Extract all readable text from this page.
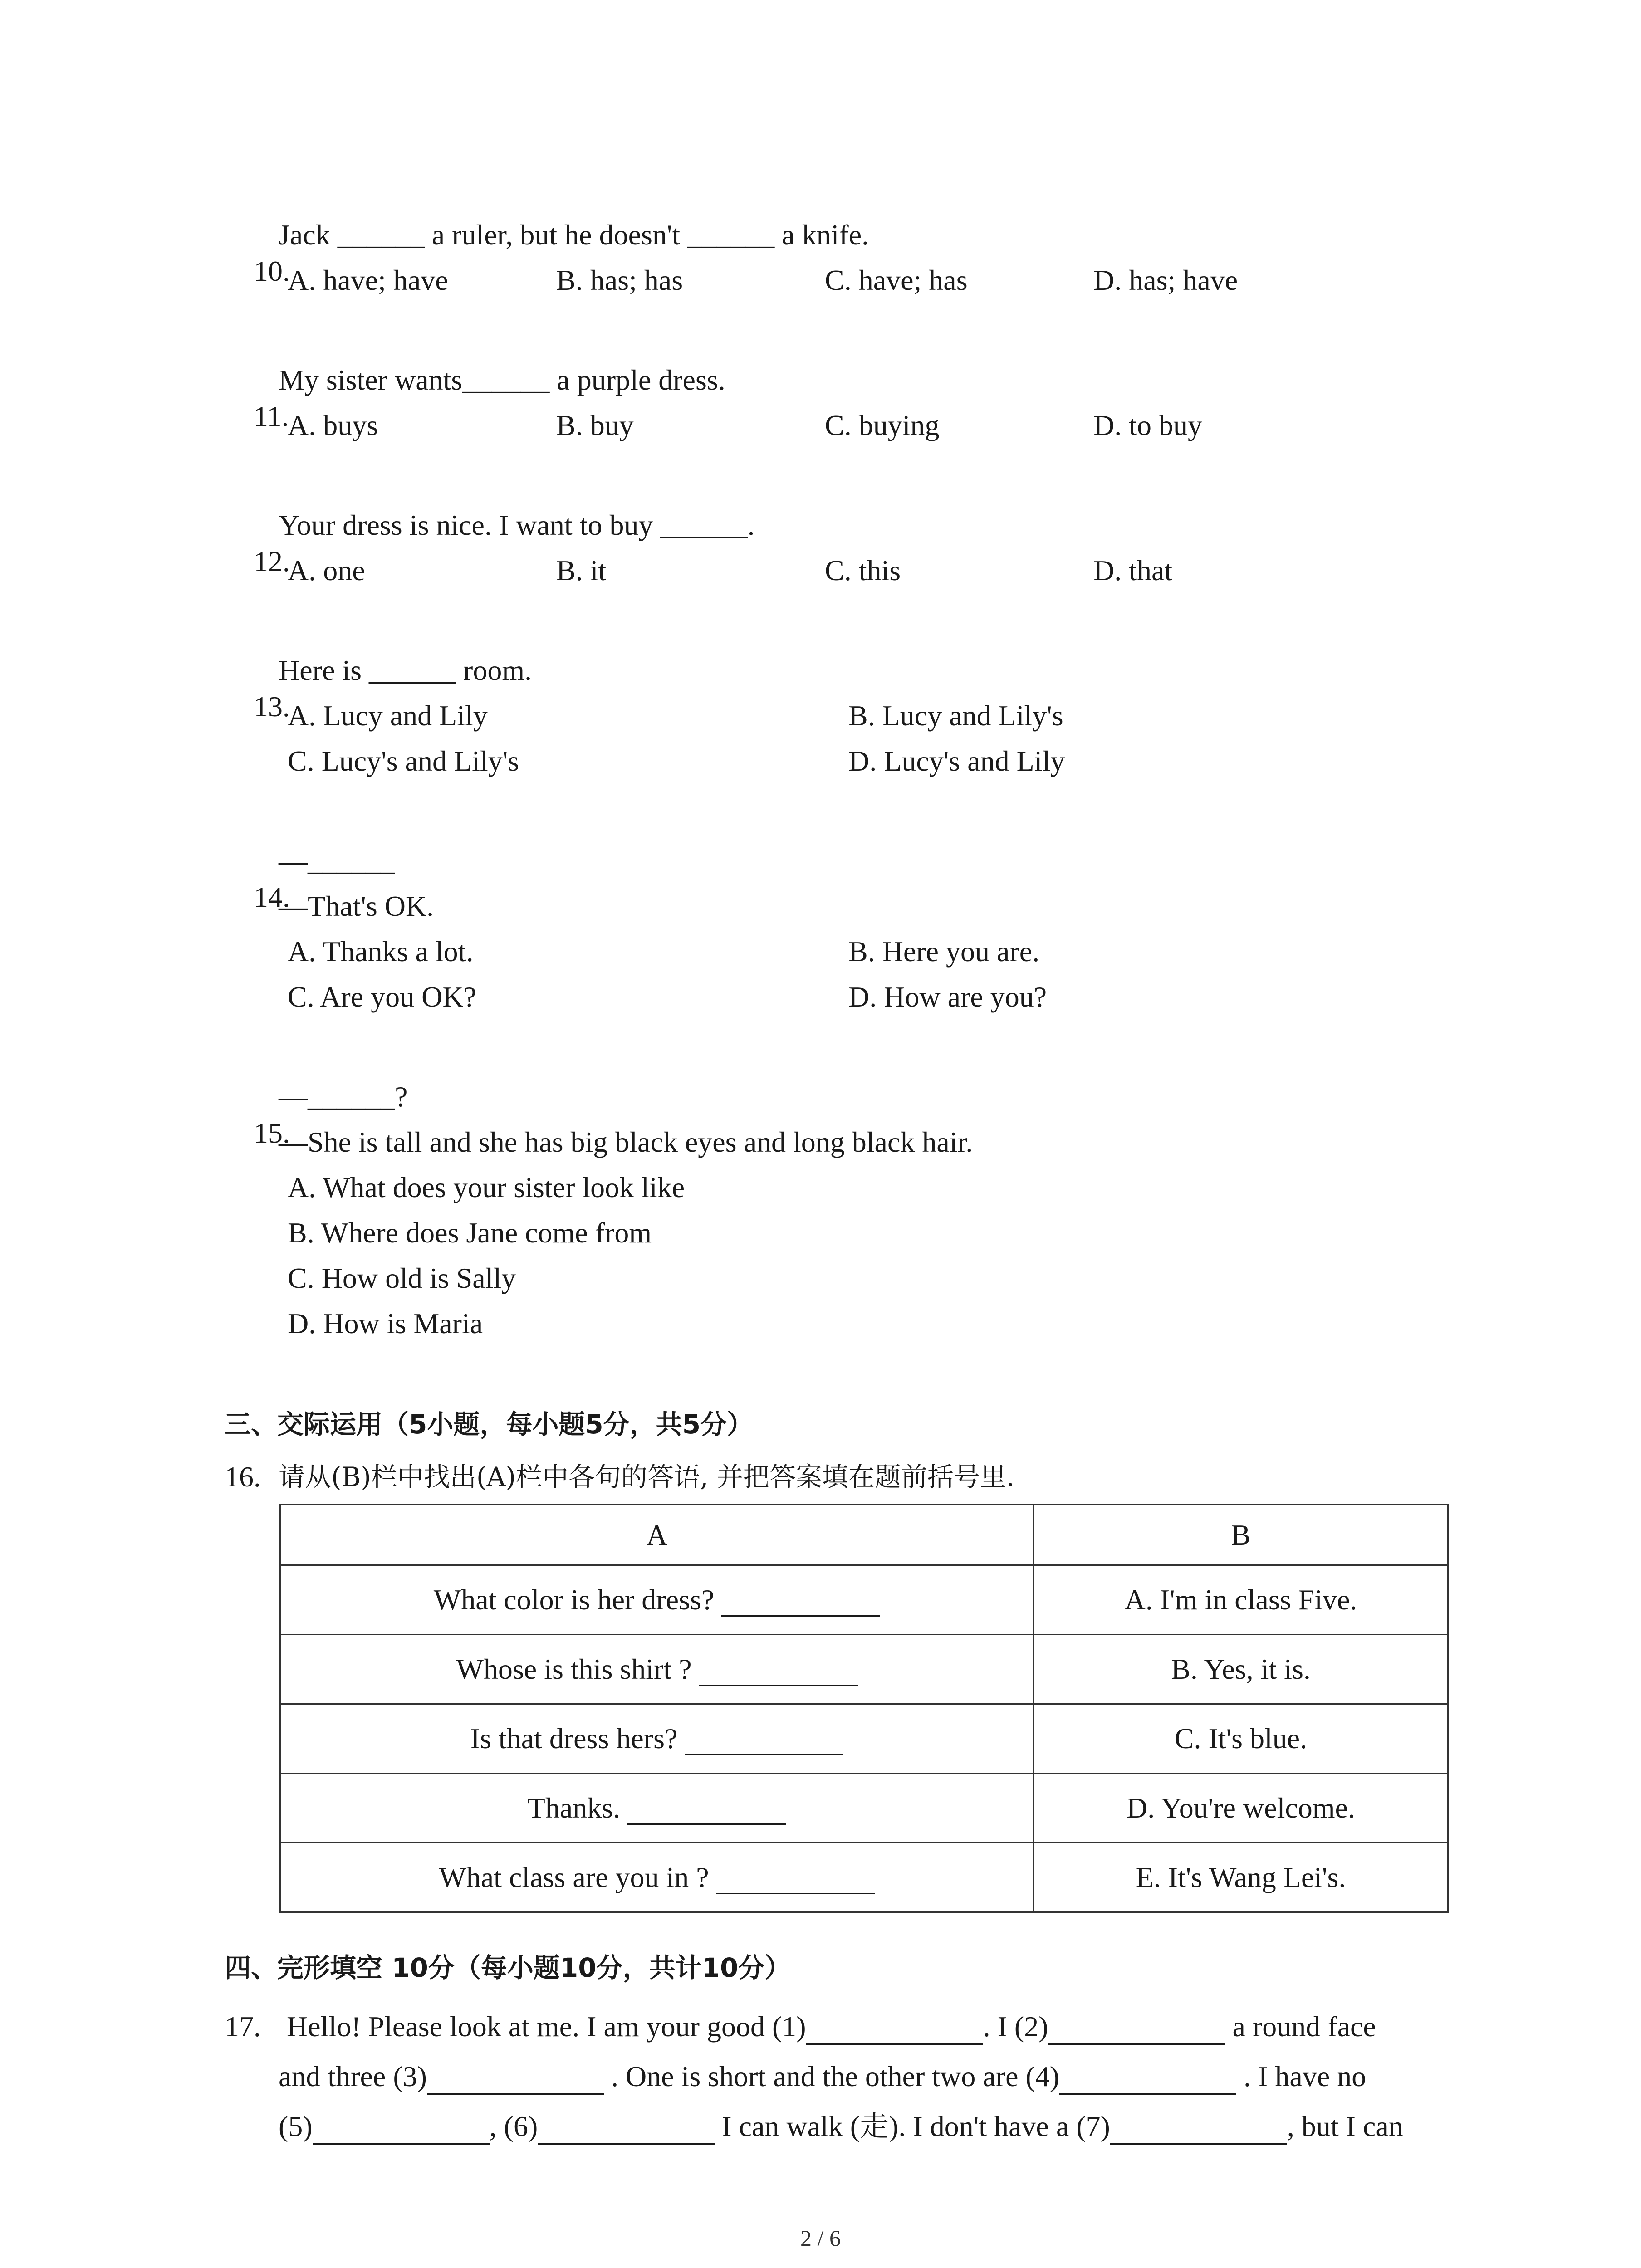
10.

Jack ______ a ruler, but he doesn't ______ a knife.
A. have; have	B. has; has	C. have; has	D. has; have

11.

My sister wants______ a purple dress.
A. buys	B. buy	C. buying	D. to buy

12.

Your dress is nice. I want to buy ______.
A. one	B. it	C. this	D. that

13.

Here is ______ room.
A. Lucy and Lily	B. Lucy and Lily's
C. Lucy's and Lily's	D. Lucy's and Lily

14.

—______
—That's OK.
A. Thanks a lot.	B. Here you are.
C. Are you OK?	D. How are you?

15.

—______?
—She is tall and she has big black eyes and long black hair.
A. What does your sister look like
B. Where does Jane come from
C. How old is Sally
D. How is Maria
三、交际运用（5小题，每小题5分，共5分）
16. 请从(B)栏中找出(A)栏中各句的答语, 并把答案填在题前括号里.
A	B
What color is her dress?	A. I'm in class Five.
Whose is this shirt ?	B. Yes, it is.
Is that dress hers?	C. It's blue.
Thanks.	D. You're welcome.
What class are you in ?	E. It's Wang Lei's.
四、完形填空 10分（每小题10分，共计10分）
17. Hello! Please look at me. I am your good (1)	. I (2)	a round face
and three (3)	. One is short and the other two are (4)	. I have no
(5)	, (6)	I can walk (走). I don't have a (7)	, but I can
2 / 6
